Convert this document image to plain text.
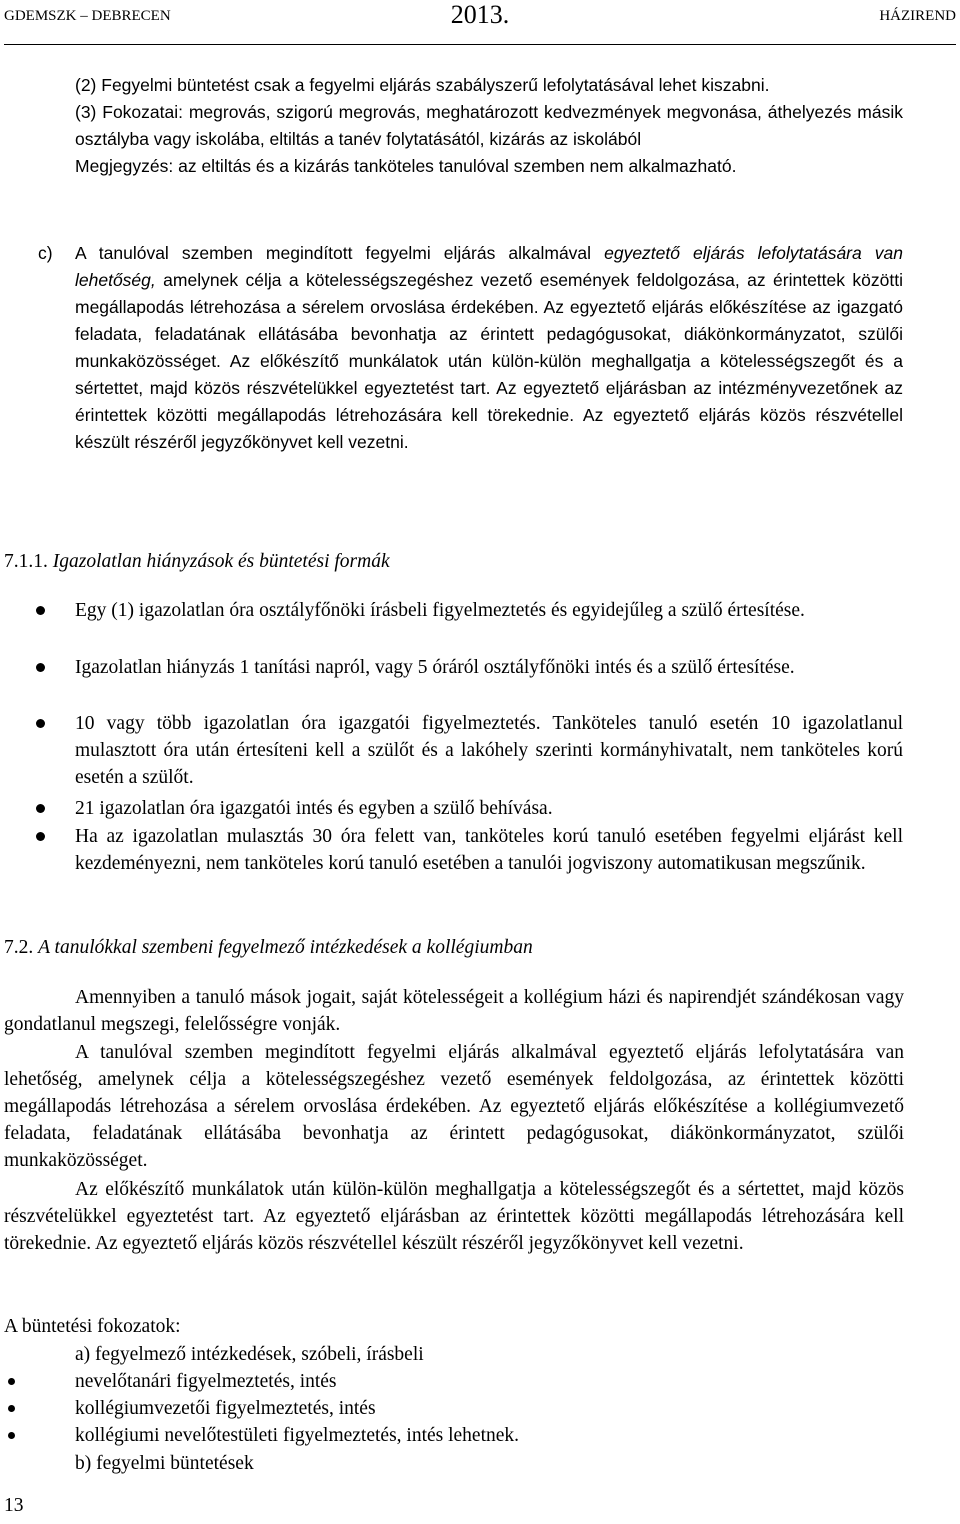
GDEMSZK – DEBRECEN	2013.	HÁZIREND
(2) Fegyelmi büntetést csak a fegyelmi eljárás szabályszerű lefolytatásával lehet kiszabni.
(3) Fokozatai: megrovás, szigorú megrovás, meghatározott kedvezmények megvonása, áthelyezés másik osztályba vagy iskolába, eltiltás a tanév folytatásától, kizárás az iskolából
Megjegyzés: az eltiltás és a kizárás tanköteles tanulóval szemben nem alkalmazható.
c) A tanulóval szemben megindított fegyelmi eljárás alkalmával egyeztető eljárás lefolytatására van lehetőség, amelynek célja a kötelességszegéshez vezető események feldolgozása, az érintettek közötti megállapodás létrehozása a sérelem orvoslása érdekében. Az egyeztető eljárás előkészítése az igazgató feladata, feladatának ellátásába bevonhatja az érintett pedagógusokat, diákönkormányzatot, szülői munkaközösséget. Az előkészítő munkálatok után külön-külön meghallgatja a kötelességszegőt és a sértettet, majd közös részvételükkel egyeztetést tart. Az egyeztető eljárásban az intézményvezetőnek az érintettek közötti megállapodás létrehozására kell törekednie. Az egyeztető eljárás közös részvétellel készült részéről jegyzőkönyvet kell vezetni.
7.1.1. Igazolatlan hiányzások és büntetési formák
Egy (1) igazolatlan óra osztályfőnöki írásbeli figyelmeztetés és egyidejűleg a szülő értesítése.
Igazolatlan hiányzás 1 tanítási napról, vagy 5 óráról osztályfőnöki intés és a szülő értesítése.
10 vagy több igazolatlan óra igazgatói figyelmeztetés. Tanköteles tanuló esetén 10 igazolatlanul mulasztott óra után értesíteni kell a szülőt és a lakóhely szerinti kormányhivatalt, nem tanköteles korú esetén a szülőt.
21 igazolatlan óra igazgatói intés és egyben a szülő behívása.
Ha az igazolatlan mulasztás 30 óra felett van, tanköteles korú tanuló esetében fegyelmi eljárást kell kezdeményezni, nem tanköteles korú tanuló esetében a tanulói jogviszony automatikusan megszűnik.
7.2. A tanulókkal szembeni fegyelmező intézkedések a kollégiumban
Amennyiben a tanuló mások jogait, saját kötelességeit a kollégium házi és napirendjét szándékosan vagy gondatlanul megszegi, felelősségre vonják.
A tanulóval szemben megindított fegyelmi eljárás alkalmával egyeztető eljárás lefolytatására van lehetőség, amelynek célja a kötelességszegéshez vezető események feldolgozása, az érintettek közötti megállapodás létrehozása a sérelem orvoslása érdekében. Az egyeztető eljárás előkészítése a kollégiumvezető feladata, feladatának ellátásába bevonhatja az érintett pedagógusokat, diákönkormányzatot, szülői munkaközösséget.
Az előkészítő munkálatok után külön-külön meghallgatja a kötelességszegőt és a sértettet, majd közös részvételükkel egyeztetést tart. Az egyeztető eljárásban az érintettek közötti megállapodás létrehozására kell törekednie. Az egyeztető eljárás közös részvétellel készült részéről jegyzőkönyvet kell vezetni.
A büntetési fokozatok:
a) fegyelmező intézkedések, szóbeli, írásbeli
nevelőtanári figyelmeztetés, intés
kollégiumvezetői figyelmeztetés, intés
kollégiumi nevelőtestületi figyelmeztetés, intés lehetnek.
b) fegyelmi büntetések
13
